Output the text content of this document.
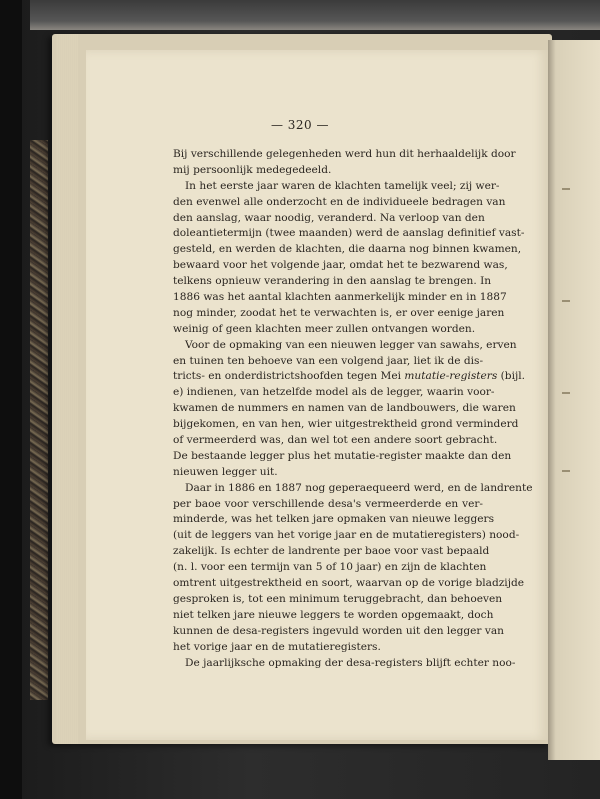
— 320 —
Bij verschillende gelegenheden werd hun dit herhaaldelijk door
mij persoonlijk medegedeeld.
In het eerste jaar waren de klachten tamelijk veel; zij wer-
den evenwel alle onderzocht en de individueele bedragen van
den aanslag, waar noodig, veranderd. Na verloop van den
doleantietermijn (twee maanden) werd de aanslag definitief vast-
gesteld, en werden de klachten, die daarna nog binnen kwamen,
bewaard voor het volgende jaar, omdat het te bezwarend was,
telkens opnieuw verandering in den aanslag te brengen. In
1886 was het aantal klachten aanmerkelijk minder en in 1887
nog minder, zoodat het te verwachten is, er over eenige jaren
weinig of geen klachten meer zullen ontvangen worden.
Voor de opmaking van een nieuwen legger van sawahs, erven
en tuinen ten behoeve van een volgend jaar, liet ik de dis-
tricts- en onderdistrictshoofden tegen Mei mutatie-registers (bijl.
e) indienen, van hetzelfde model als de legger, waarin voor-
kwamen de nummers en namen van de landbouwers, die waren
bijgekomen, en van hen, wier uitgestrektheid grond verminderd
of vermeerderd was, dan wel tot een andere soort gebracht.
De bestaande legger plus het mutatie-register maakte dan den
nieuwen legger uit.
Daar in 1886 en 1887 nog geperaequeerd werd, en de landrente
per baoe voor verschillende desa's vermeerderde en ver-
minderde, was het telken jare opmaken van nieuwe leggers
(uit de leggers van het vorige jaar en de mutatieregisters) nood-
zakelijk. Is echter de landrente per baoe voor vast bepaald
(n. l. voor een termijn van 5 of 10 jaar) en zijn de klachten
omtrent uitgestrektheid en soort, waarvan op de vorige bladzijde
gesproken is, tot een minimum teruggebracht, dan behoeven
niet telken jare nieuwe leggers te worden opgemaakt, doch
kunnen de desa-registers ingevuld worden uit den legger van
het vorige jaar en de mutatieregisters.
De jaarlijksche opmaking der desa-registers blijft echter noo-
